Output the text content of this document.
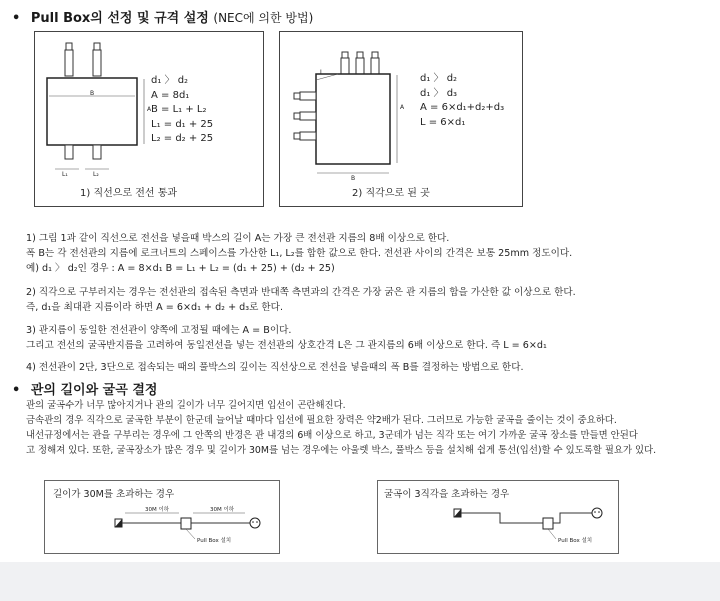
• Pull Box의 선정 및 규격 설정 (NEC에 의한 방법)
B
A
L₁	L₂
d₁ 〉 d₂
A = 8d₁
B = L₁ + L₂
L₁ = d₁ + 25
L₂ = d₂ + 25
1) 직선으로 전선 통과
L
A
B
d₁ 〉 d₂
d₁ 〉 d₃
A = 6×d₁+d₂+d₃
L = 6×d₁
2) 직각으로 된 곳
1) 그림 1과 같이 직선으로 전선을 넣을때 박스의 길이 A는 가장 큰 전선관 지름의 8배 이상으로 한다.
폭 B는 각 전선관의 지름에 로크너트의 스페이스를 가산한 L₁, L₂를 합한 값으로 한다. 전선관 사이의 간격은 보통 25mm 정도이다.
예) d₁ 〉 d₂인 경우 : A = 8×d₁ B = L₁ + L₂ = (d₁ + 25) + (d₂ + 25)
2) 직각으로 구부러지는 경우는 전선관의 접속된 측면과 반대쪽 측면과의 간격은 가장 굵은 관 지름의 합을 가산한 값 이상으로 한다.
즉, d₁을 최대관 지름이라 하면 A = 6×d₁ + d₂ + d₃로 한다.
3) 관지름이 동일한 전선관이 양쪽에 고정될 때에는 A = B이다.
그리고 전선의 굴곡반지름을 고려하여 동일전선을 넣는 전선관의 상호간격 L은 그 관지름의 6배 이상으로 한다. 즉 L = 6×d₁
4) 전선관이 2단, 3단으로 접속되는 때의 풀박스의 깊이는 직선상으로 전선을 넣을때의 폭 B를 결정하는 방법으로 한다.
• 관의 길이와 굴곡 결정
관의 굴곡수가 너무 많아지거나 관의 길이가 너무 길어지면 입선이 곤란해진다.
금속관의 경우 직각으로 굴곡한 부분이 한군데 늘어날 때마다 입선에 필요한 장력은 약2배가 된다. 그러므로 가능한 굴곡을 줄이는 것이 중요하다.
내선규정에서는 관을 구부리는 경우에 그 안쪽의 반경은 관 내경의 6배 이상으로 하고, 3군데가 넘는 직각 또는 여기 가까운 굴곡 장소를 만들면 안된다
고 정해져 있다. 또한, 굴곡장소가 많은 경우 및 길이가 30M를 넘는 경우에는 아울렛 박스, 풀박스 등을 설치해 쉽게 통선(입선)할 수 있도록할 필요가 있다.
길이가 30M를 초과하는 경우
30M 이하	30M 이하
Pull Box 설치
굴곡이 3직각을 초과하는 경우
Pull Box 설치
